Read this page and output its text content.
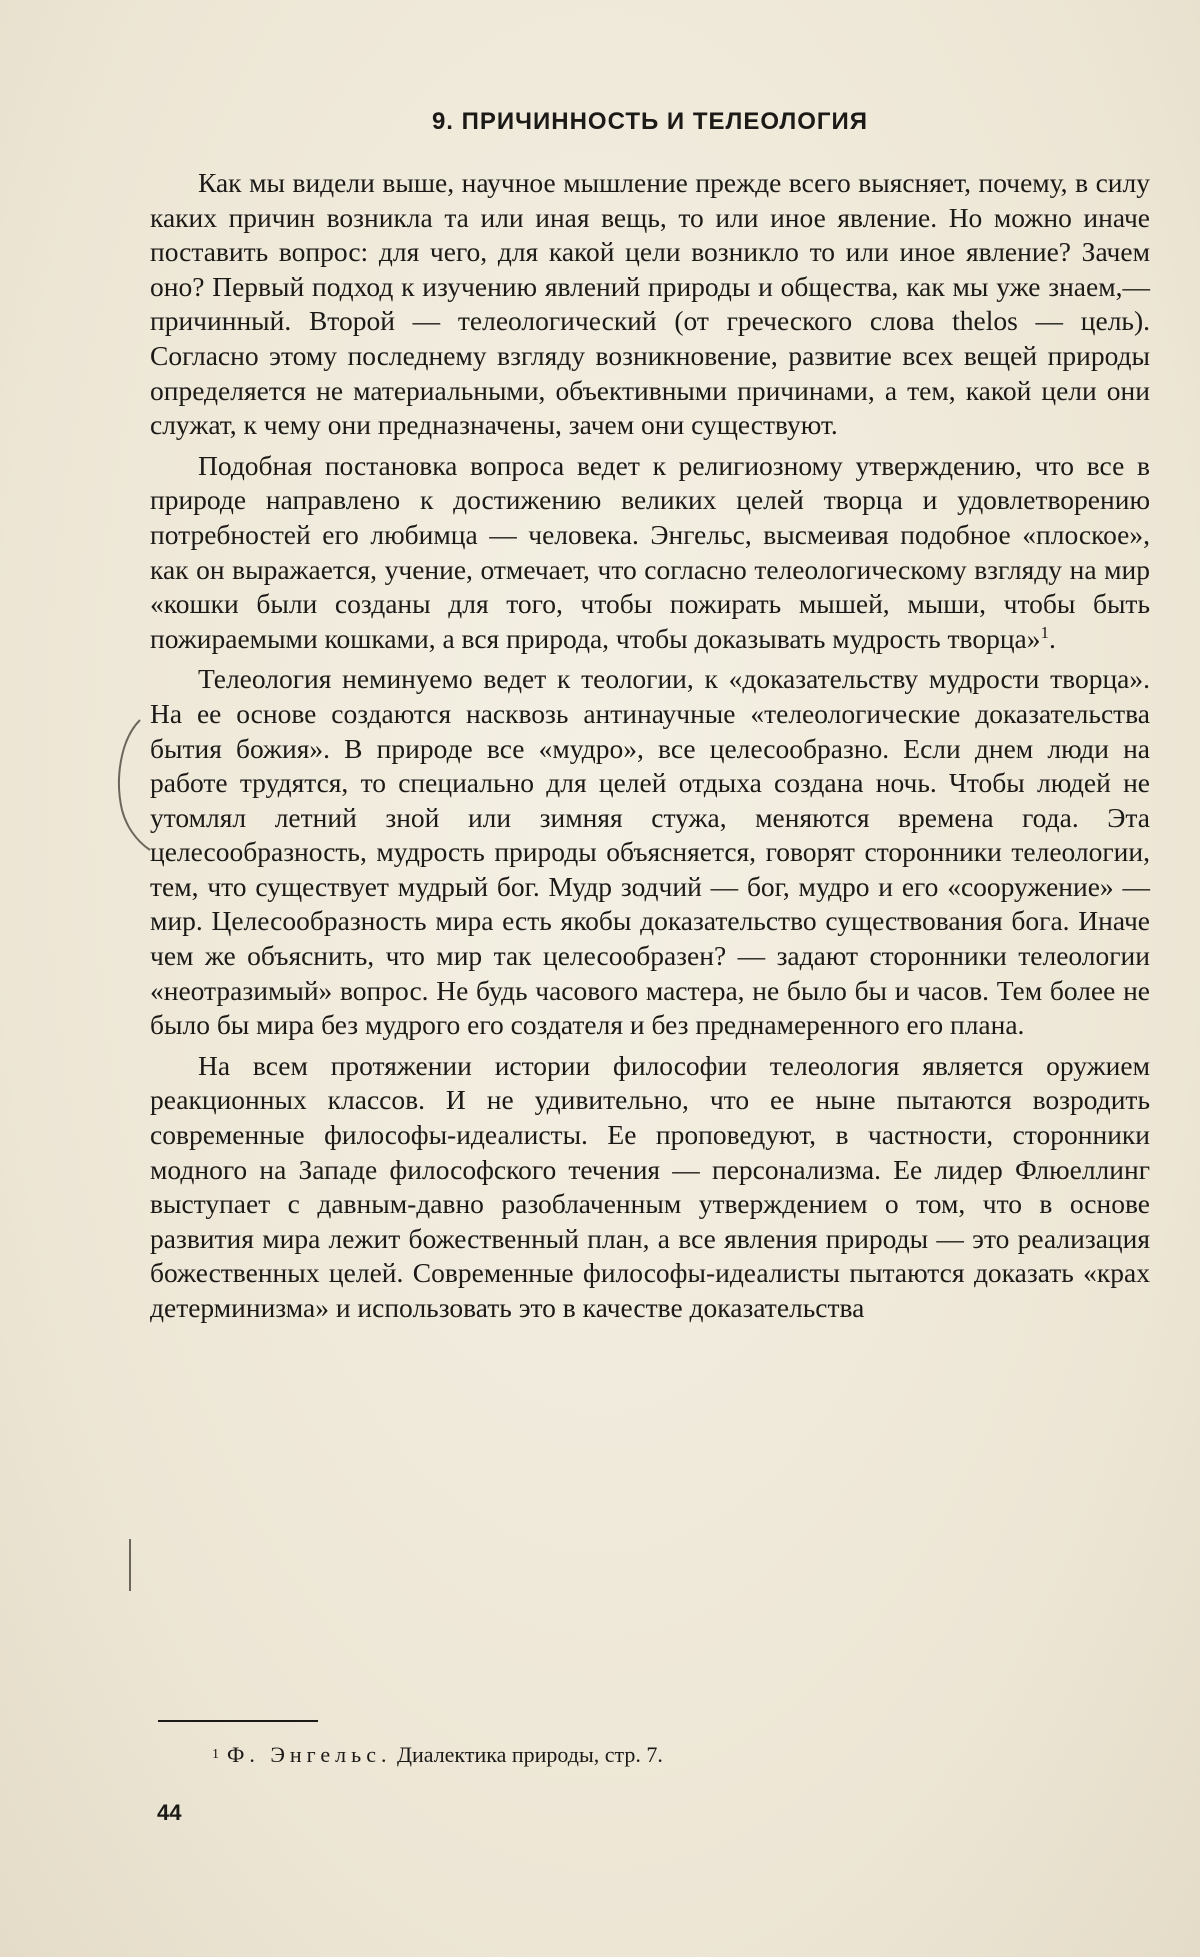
9. ПРИЧИННОСТЬ И ТЕЛЕОЛОГИЯ

Как мы видели выше, научное мышление прежде всего выясняет, почему, в силу каких причин возникла та или иная вещь, то или иное явление. Но можно иначе поставить вопрос: для чего, для какой цели возникло то или иное явление? Зачем оно? Первый подход к изучению явлений природы и общества, как мы уже знаем,— причинный. Второй — телеологический (от греческого слова thelos — цель). Согласно этому последнему взгляду возникновение, развитие всех вещей природы определяется не материальными, объективными причинами, а тем, какой цели они служат, к чему они предназначены, зачем они существуют.

Подобная постановка вопроса ведет к религиозному утверждению, что все в природе направлено к достижению великих целей творца и удовлетворению потребностей его любимца — человека. Энгельс, высмеивая подобное «плоское», как он выражается, учение, отмечает, что согласно телеологическому взгляду на мир «кошки были созданы для того, чтобы пожирать мышей, мыши, чтобы быть пожираемыми кошками, а вся природа, чтобы доказывать мудрость творца»$^1$.

Телеология неминуемо ведет к теологии, к «доказательству мудрости творца». На ее основе создаются насквозь антинаучные «телеологические доказательства бытия божия». В природе все «мудро», все целесообразно. Если днем люди на работе трудятся, то специально для целей отдыха создана ночь. Чтобы людей не утомлял летний зной или зимняя стужа, меняются времена года. Эта целесообразность, мудрость природы объясняется, говорят сторонники телеологии, тем, что существует мудрый бог. Мудр зодчий — бог, мудро и его «сооружение» — мир. Целесообразность мира есть якобы доказательство существования бога. Иначе чем же объяснить, что мир так целесообразен? — задают сторонники телеологии «неотразимый» вопрос. Не будь часового мастера, не было бы и часов. Тем более не было бы мира без мудрого его создателя и без преднамеренного его плана.

На всем протяжении истории философии телеология является оружием реакционных классов. И не удивительно, что ее ныне пытаются возродить современные философы-идеалисты. Ее проповедуют, в частности, сторонники модного на Западе философского течения — персонализма. Ее лидер Флюеллинг выступает с давным-давно разоблаченным утверждением о том, что в основе развития мира лежит божественный план, а все явления природы — это реализация божественных целей. Современные философы-идеалисты пытаются доказать «крах детерминизма» и использовать это в качестве доказательства

$^1$ Ф. Энгельс. Диалектика природы, стр. 7.

44
